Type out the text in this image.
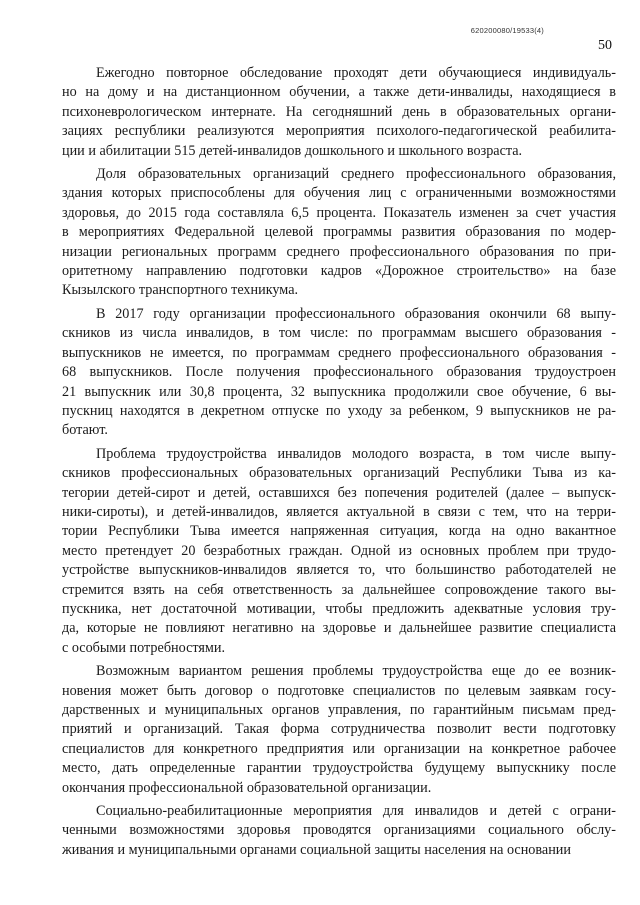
620200080/19533(4)
50
Ежегодно повторное обследование проходят дети обучающиеся индивидуаль-
но на дому и на дистанционном обучении, а также дети-инвалиды, находящиеся в
психоневрологическом интернате. На сегодняшний день в образовательных органи-
зациях республики реализуются мероприятия психолого-педагогической реабилита-
ции и абилитации 515 детей-инвалидов дошкольного и школьного возраста.
Доля образовательных организаций среднего профессионального образования,
здания которых приспособлены для обучения лиц с ограниченными возможностями
здоровья, до 2015 года составляла 6,5 процента. Показатель изменен за счет участия
в мероприятиях Федеральной целевой программы развития образования по модер-
низации региональных программ среднего профессионального образования по при-
оритетному направлению подготовки кадров «Дорожное строительство» на базе
Кызылского транспортного техникума.
В 2017 году организации профессионального образования окончили 68 выпу-
скников из числа инвалидов, в том числе: по программам высшего образования -
выпускников не имеется, по программам среднего профессионального образования -
68 выпускников. После получения профессионального образования трудоустроен
21 выпускник или 30,8 процента, 32 выпускника продолжили свое обучение, 6 вы-
пускниц находятся в декретном отпуске по уходу за ребенком, 9 выпускников не ра-
ботают.
Проблема трудоустройства инвалидов молодого возраста, в том числе выпу-
скников профессиональных образовательных организаций Республики Тыва из ка-
тегории детей-сирот и детей, оставшихся без попечения родителей (далее – выпуск-
ники-сироты), и детей-инвалидов, является актуальной в связи с тем, что на терри-
тории Республики Тыва имеется напряженная ситуация, когда на одно вакантное
место претендует 20 безработных граждан. Одной из основных проблем при трудо-
устройстве выпускников-инвалидов является то, что большинство работодателей не
стремится взять на себя ответственность за дальнейшее сопровождение такого вы-
пускника, нет достаточной мотивации, чтобы предложить адекватные условия тру-
да, которые не повлияют негативно на здоровье и дальнейшее развитие специалиста
с особыми потребностями.
Возможным вариантом решения проблемы трудоустройства еще до ее возник-
новения может быть договор о подготовке специалистов по целевым заявкам госу-
дарственных и муниципальных органов управления, по гарантийным письмам пред-
приятий и организаций. Такая форма сотрудничества позволит вести подготовку
специалистов для конкретного предприятия или организации на конкретное рабочее
место, дать определенные гарантии трудоустройства будущему выпускнику после
окончания профессиональной образовательной организации.
Социально-реабилитационные мероприятия для инвалидов и детей с ограни-
ченными возможностями здоровья проводятся организациями социального обслу-
живания и муниципальными органами социальной защиты населения на основании
